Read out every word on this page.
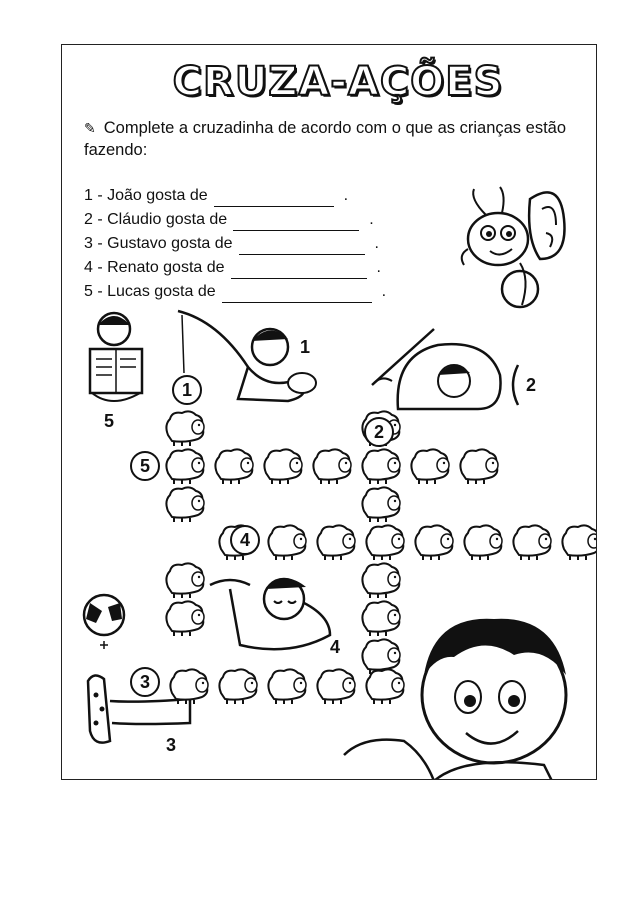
CRUZA-AÇÕES
✎ Complete a cruzadinha de acordo com o que as crianças estão fazendo:
1 - João gosta de	.
2 - Cláudio gosta de	.
3 - Gustavo gosta de	.
4 - Renato gosta de	.
5 - Lucas gosta de	.
5
1
2
4
3
1
2
3
4
5
